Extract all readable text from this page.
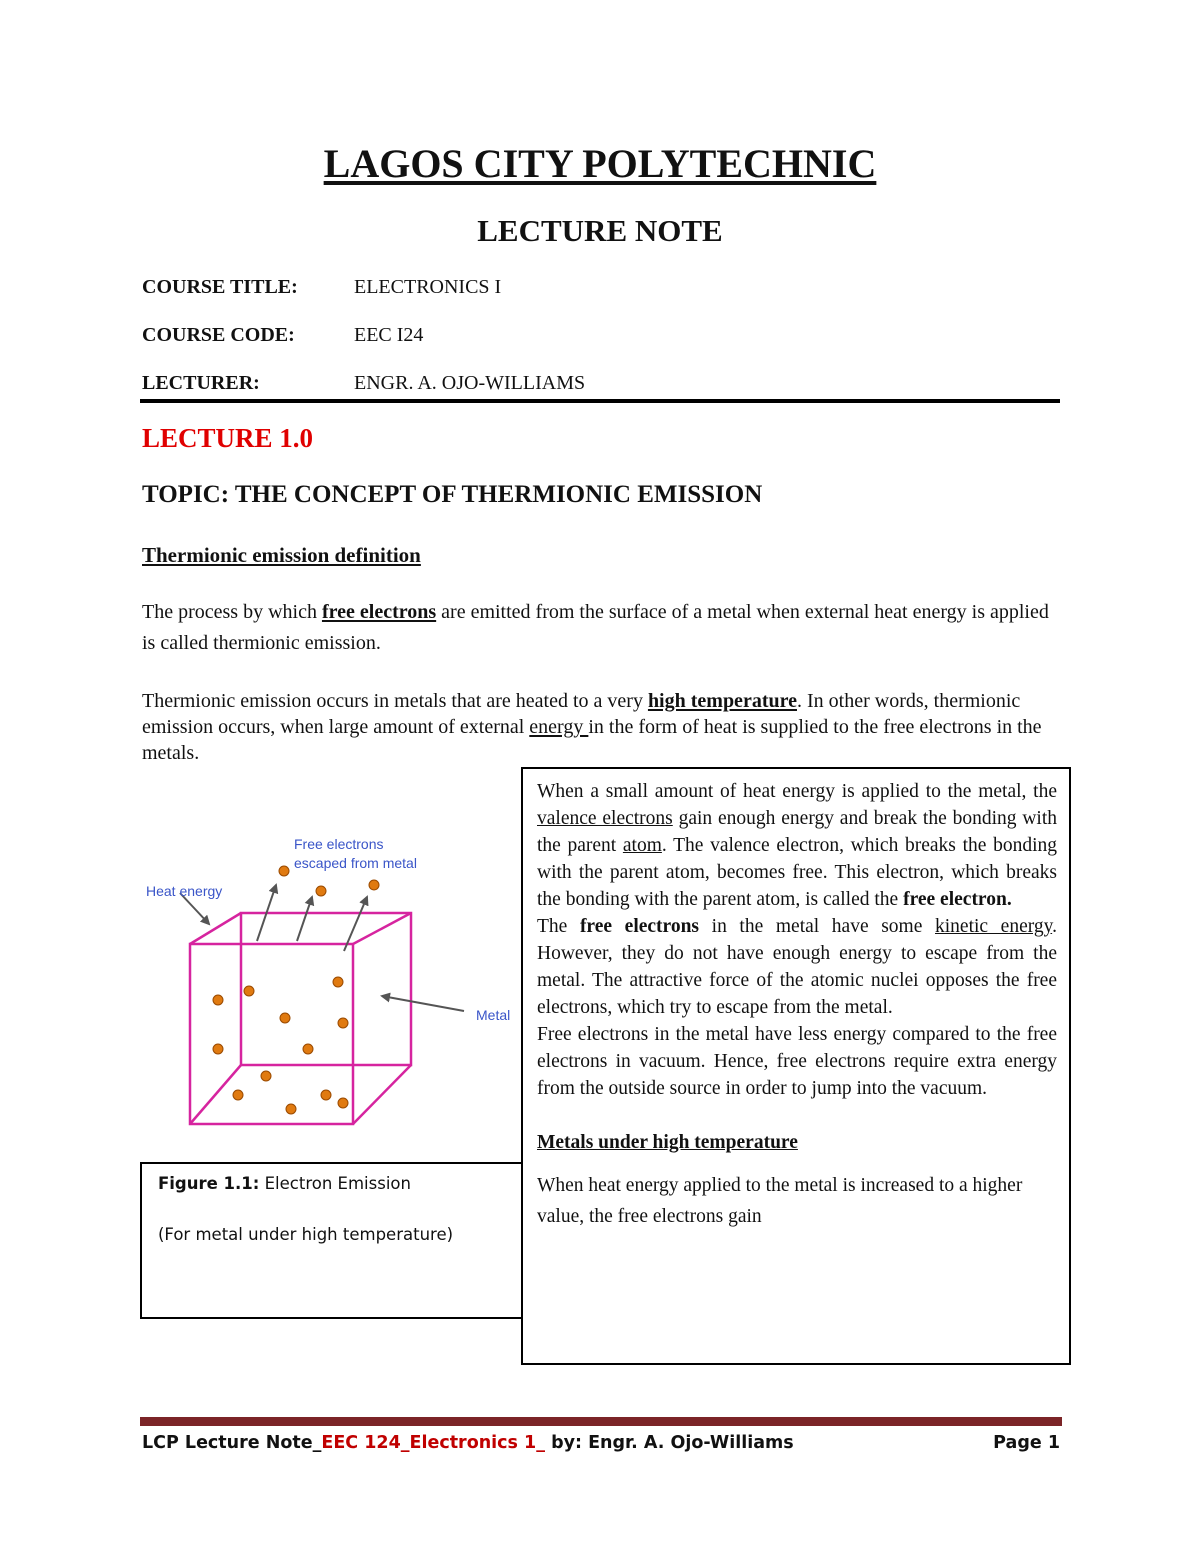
LAGOS CITY POLYTECHNIC
LECTURE NOTE
COURSE TITLE:	ELECTRONICS I
COURSE CODE:	EEC I24
LECTURER:	ENGR. A. OJO-WILLIAMS
LECTURE 1.0
TOPIC: THE CONCEPT OF THERMIONIC EMISSION
Thermionic emission definition
The process by which free electrons are emitted from the surface of a metal when external heat energy is applied is called thermionic emission.
Thermionic emission occurs in metals that are heated to a very high temperature. In other words, thermionic emission occurs, when large amount of external energy in the form of heat is supplied to the free electrons in the metals.
Free electrons
escaped from metal
Heat energy
Metal
Figure 1.1: Electron Emission
(For metal under high temperature)

When a small amount of heat energy is applied to the metal, the valence electrons gain enough energy and break the bonding with the parent atom. The valence electron, which breaks the bonding with the parent atom, becomes free. This electron, which breaks the bonding with the parent atom, is called the free electron.

The free electrons in the metal have some kinetic energy. However, they do not have enough energy to escape from the metal. The attractive force of the atomic nuclei opposes the free electrons, which try to escape from the metal.

Free electrons in the metal have less energy compared to the free electrons in vacuum. Hence, free electrons require extra energy from the outside source in order to jump into the vacuum.

Metals under high temperature

When heat energy applied to the metal is increased to a higher value, the free electrons gain

LCP Lecture Note_EEC 124_Electronics 1_ by: Engr. A. Ojo-Williams	Page 1
